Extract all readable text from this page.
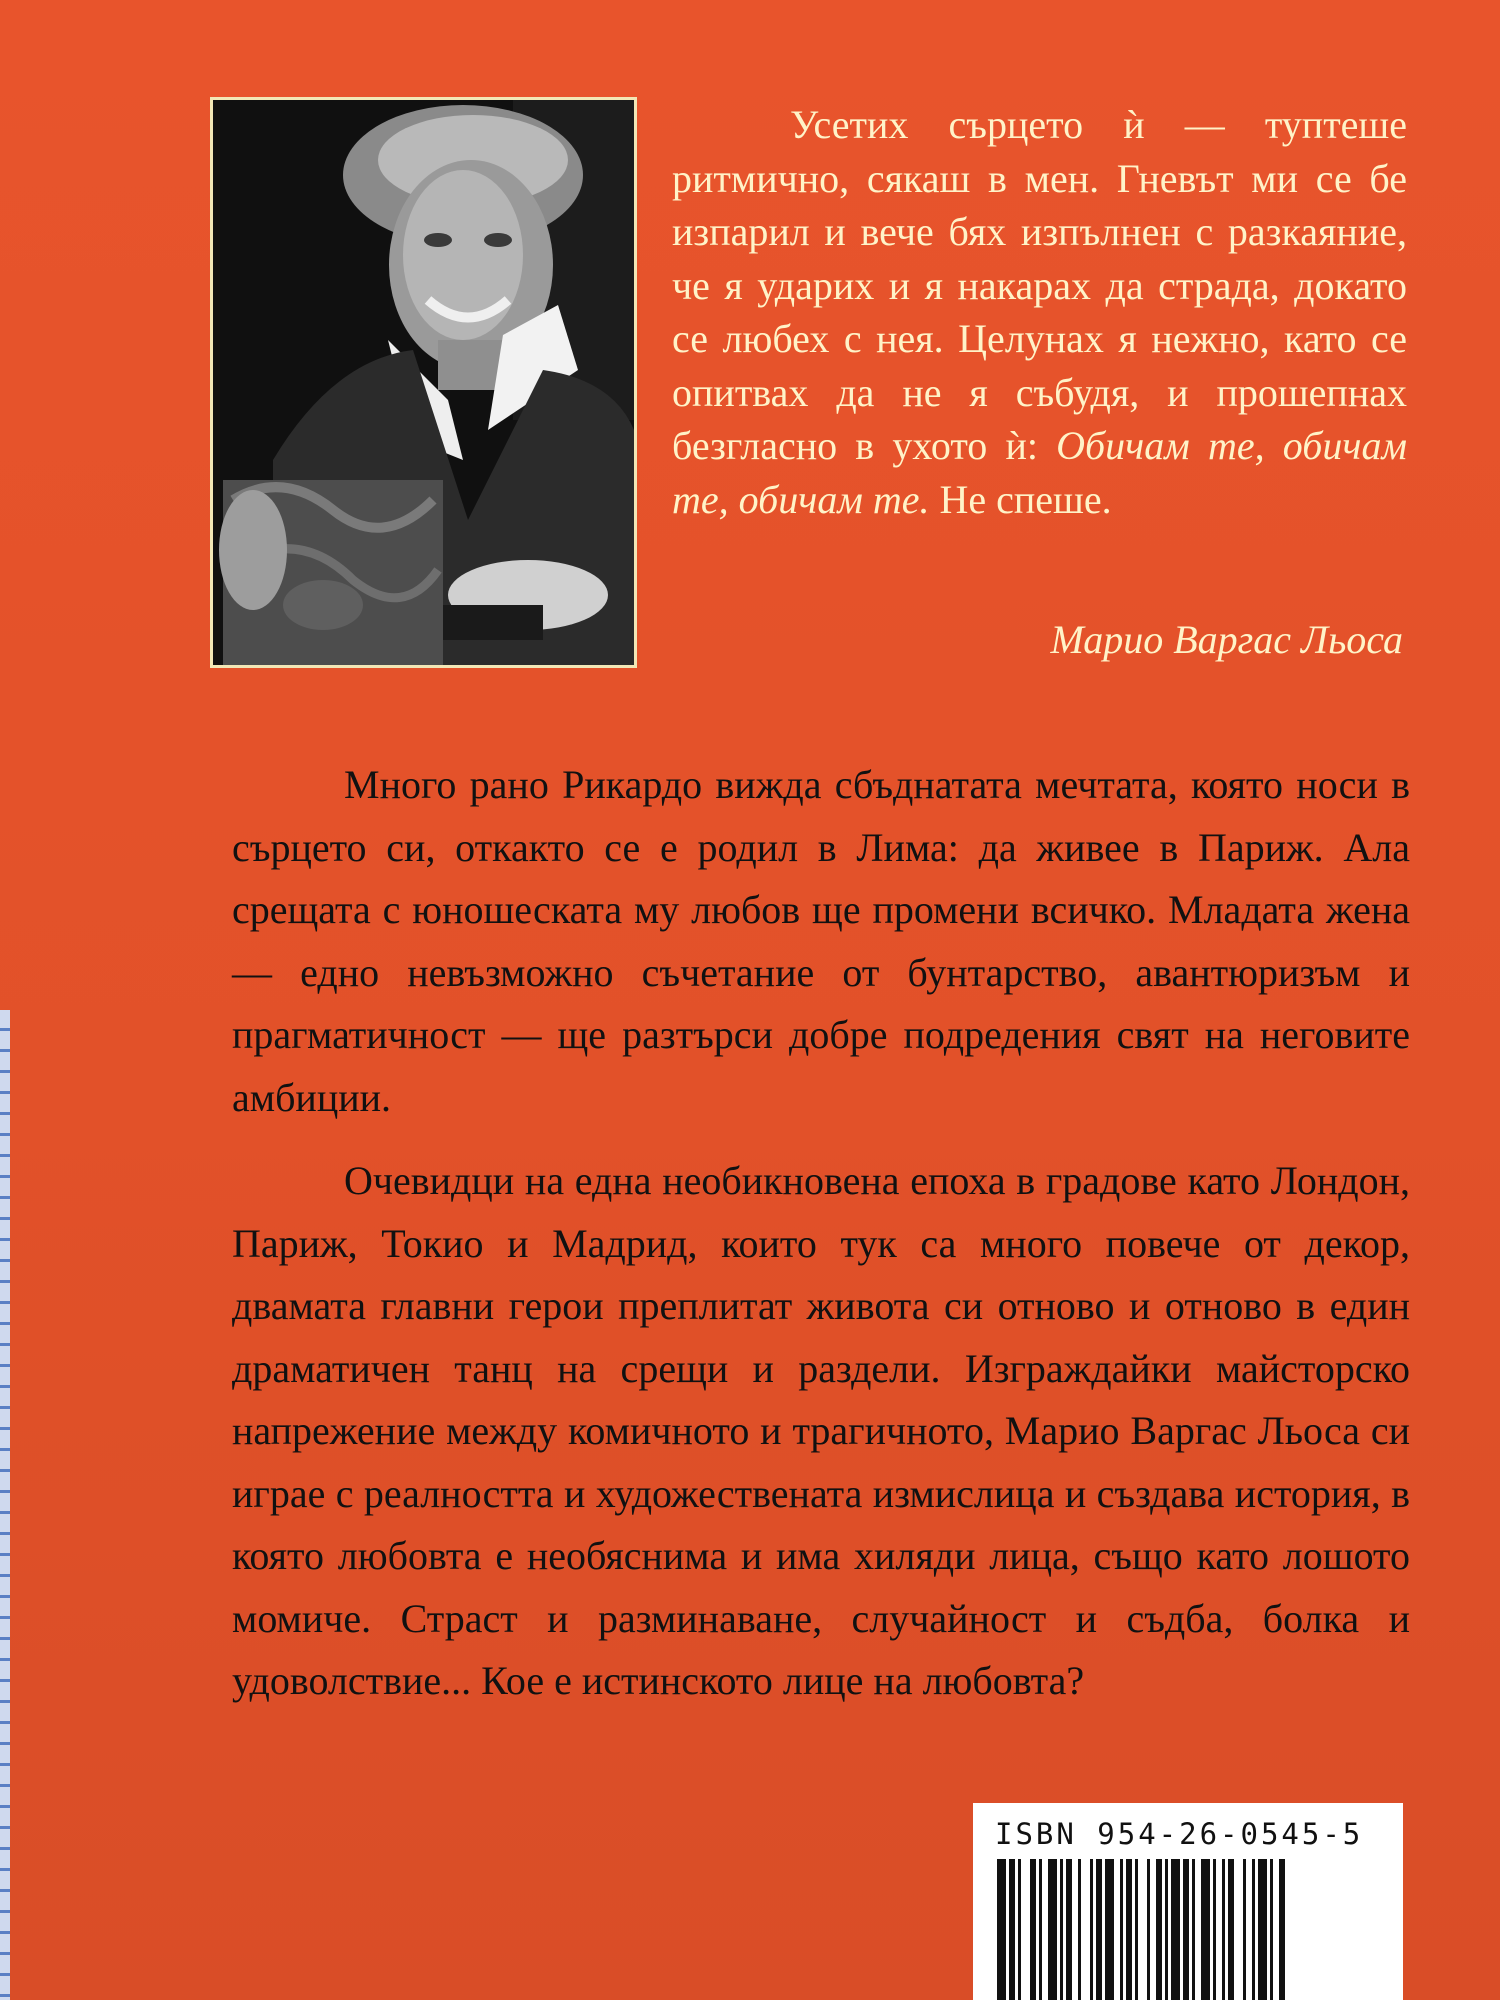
Усетих сърцето ѝ — туптеше ритмично, сякаш в мен. Гневът ми се бе изпарил и вече бях изпълнен с разкаяние, че я ударих и я накарах да страда, докато се любех с нея. Целунах я нежно, като се опитвах да не я събудя, и прошепнах безгласно в ухото ѝ: Обичам те, обичам те, обичам те. Не спеше.

Марио Варгас Льоса

Много рано Рикардо вижда сбъднатата мечтата, която носи в сърцето си, откакто се е родил в Лима: да живее в Париж. Ала срещата с юношеската му любов ще промени всичко. Младата жена — едно невъзможно съчетание от бунтарство, авантюризъм и прагматичност — ще разтърси добре подредения свят на неговите амбиции.

Очевидци на една необикновена епоха в градове като Лондон, Париж, Токио и Мадрид, които тук са много повече от декор, двамата главни герои преплитат живота си отново и отново в един драматичен танц на срещи и раздели. Изграждайки майсторско напрежение между комичното и трагичното, Марио Варгас Льоса си играе с реалността и художествената измислица и създава история, в която любовта е необяснима и има хиляди лица, също като лошото момиче. Страст и разминаване, случайност и съдба, болка и удоволствие... Кое е истинското лице на любовта?

ISBN 954-26-0545-5
